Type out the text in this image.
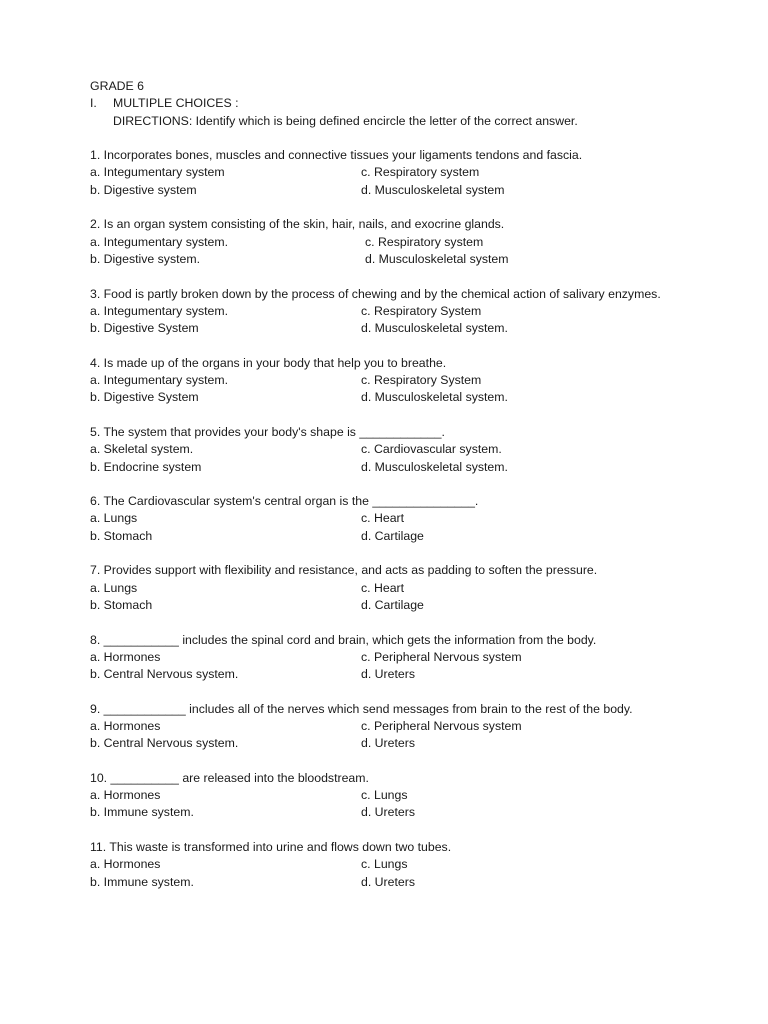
GRADE 6
I.	MULTIPLE CHOICES :
DIRECTIONS: Identify which is being defined encircle the letter of the correct answer.
1. Incorporates bones, muscles and connective tissues your ligaments tendons and fascia.
a. Integumentary system	c. Respiratory system
b. Digestive system	d. Musculoskeletal system
2. Is an organ system consisting of the skin, hair, nails, and exocrine glands.
a. Integumentary system.	c. Respiratory system
b. Digestive system.	d. Musculoskeletal system
3. Food is partly broken down by the process of chewing and by the chemical action of salivary enzymes.
a. Integumentary system.	c. Respiratory System
b. Digestive System	d. Musculoskeletal system.
4. Is made up of the organs in your body that help you to breathe.
a. Integumentary system.	c. Respiratory System
b. Digestive System	d. Musculoskeletal system.
5. The system that provides your body's shape is ____________.
a. Skeletal system.	c. Cardiovascular system.
b. Endocrine system	d. Musculoskeletal system.
6. The Cardiovascular system's central organ is the _______________.
a. Lungs	c. Heart
b. Stomach	d. Cartilage
7. Provides support with flexibility and resistance, and acts as padding to soften the pressure.
a. Lungs	c. Heart
b. Stomach	d. Cartilage
8. ___________ includes the spinal cord and brain, which gets the information from the body.
a. Hormones	c. Peripheral Nervous system
b. Central Nervous system.	d. Ureters
9. ____________ includes all of the nerves which send messages from brain to the rest of the body.
a. Hormones	c. Peripheral Nervous system
b. Central Nervous system.	d. Ureters
10. __________ are released into the bloodstream.
a. Hormones	c. Lungs
b. Immune system.	d. Ureters
11. This waste is transformed into urine and flows down two tubes.
a. Hormones	c. Lungs
b. Immune system.	d. Ureters
